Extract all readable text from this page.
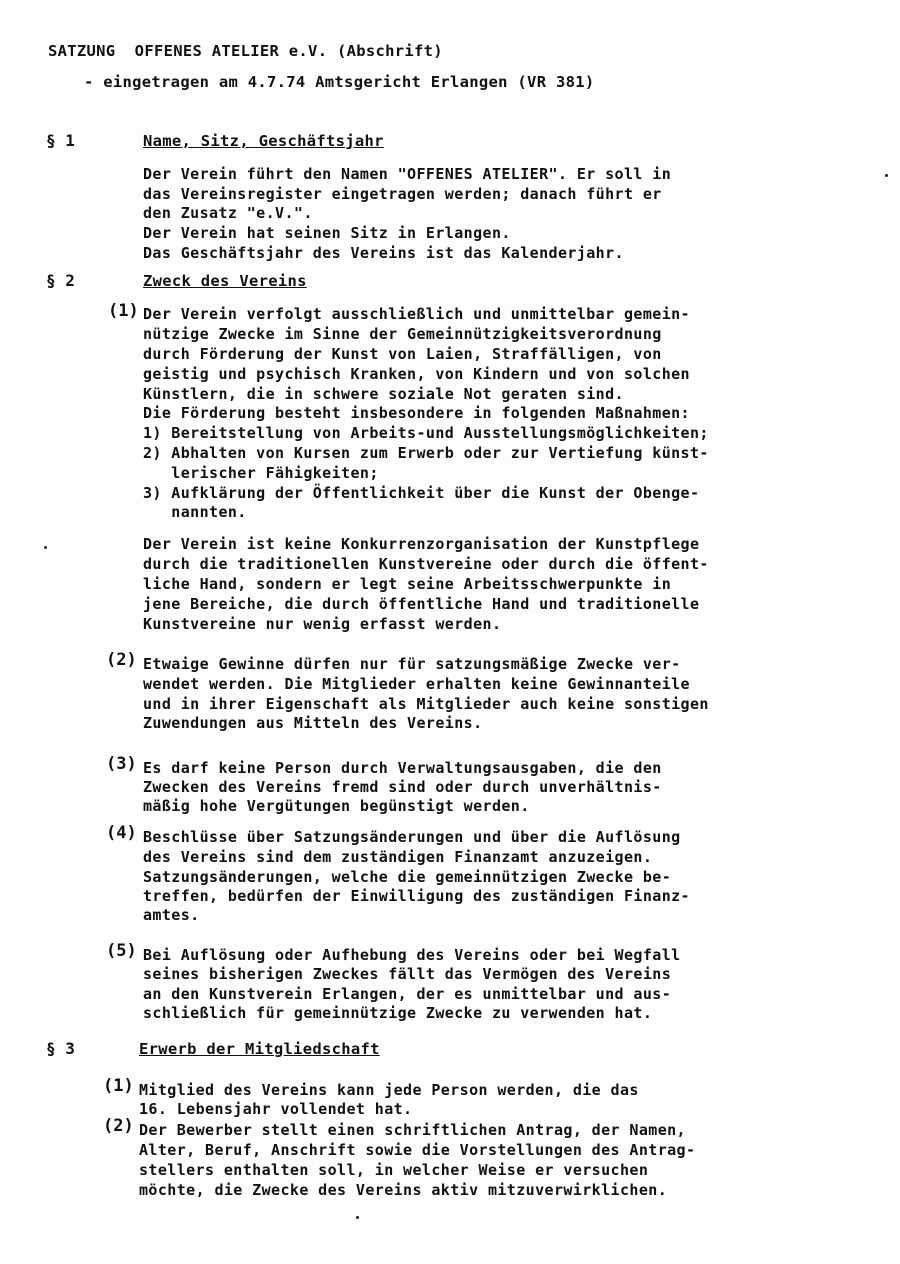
SATZUNG  OFFENES ATELIER e.V. (Abschrift)
- eingetragen am 4.7.74 Amtsgericht Erlangen (VR 381)
§ 1	Name, Sitz, Geschäftsjahr
Der Verein führt den Namen "OFFENES ATELIER". Er soll in
das Vereinsregister eingetragen werden; danach führt er
den Zusatz "e.V.".
Der Verein hat seinen Sitz in Erlangen.
Das Geschäftsjahr des Vereins ist das Kalenderjahr.
§ 2	Zweck des Vereins
(1) Der Verein verfolgt ausschließlich und unmittelbar gemein-
nützige Zwecke im Sinne der Gemeinnützigkeitsverordnung
durch Förderung der Kunst von Laien, Straffälligen, von
geistig und psychisch Kranken, von Kindern und von solchen
Künstlern, die in schwere soziale Not geraten sind.
Die Förderung besteht insbesondere in folgenden Maßnahmen:
1) Bereitstellung von Arbeits-und Ausstellungsmöglichkeiten;
2) Abhalten von Kursen zum Erwerb oder zur Vertiefung künst-
lerischer Fähigkeiten;
3) Aufklärung der Öffentlichkeit über die Kunst der Obenge-
nannten.
Der Verein ist keine Konkurrenzorganisation der Kunstpflege
durch die traditionellen Kunstvereine oder durch die öffent-
liche Hand, sondern er legt seine Arbeitsschwerpunkte in
jene Bereiche, die durch öffentliche Hand und traditionelle
Kunstvereine nur wenig erfasst werden.
(2) Etwaige Gewinne dürfen nur für satzungsmäßige Zwecke ver-
wendet werden. Die Mitglieder erhalten keine Gewinnanteile
und in ihrer Eigenschaft als Mitglieder auch keine sonstigen
Zuwendungen aus Mitteln des Vereins.
(3) Es darf keine Person durch Verwaltungsausgaben, die den
Zwecken des Vereins fremd sind oder durch unverhältnis-
mäßig hohe Vergütungen begünstigt werden.
(4) Beschlüsse über Satzungsänderungen und über die Auflösung
des Vereins sind dem zuständigen Finanzamt anzuzeigen.
Satzungsänderungen, welche die gemeinnützigen Zwecke be-
treffen, bedürfen der Einwilligung des zuständigen Finanz-
amtes.
(5) Bei Auflösung oder Aufhebung des Vereins oder bei Wegfall
seines bisherigen Zweckes fällt das Vermögen des Vereins
an den Kunstverein Erlangen, der es unmittelbar und aus-
schließlich für gemeinnützige Zwecke zu verwenden hat.
§ 3	Erwerb der Mitgliedschaft
(1) Mitglied des Vereins kann jede Person werden, die das
16. Lebensjahr vollendet hat.
(2) Der Bewerber stellt einen schriftlichen Antrag, der Namen,
Alter, Beruf, Anschrift sowie die Vorstellungen des Antrag-
stellers enthalten soll, in welcher Weise er versuchen
möchte, die Zwecke des Vereins aktiv mitzuverwirklichen.
